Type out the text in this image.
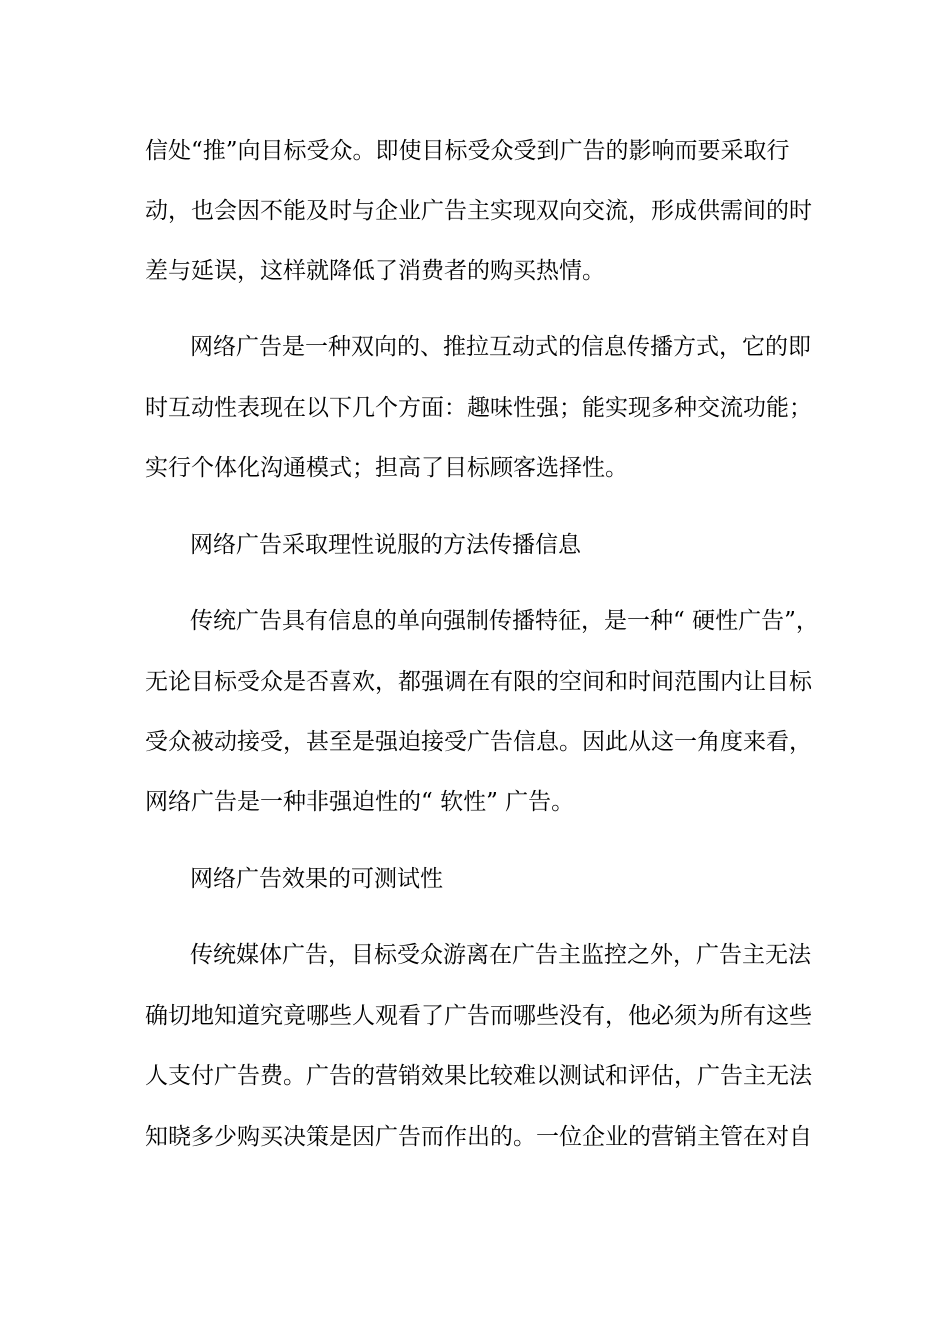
信处“推”向目标受众。即使目标受众受到广告的影响而要采取行
动，也会因不能及时与企业广告主实现双向交流，形成供需间的时
差与延误，这样就降低了消费者的购买热情。
网络广告是一种双向的、推拉互动式的信息传播方式，它的即
时互动性表现在以下几个方面：趣味性强；能实现多种交流功能；
实行个体化沟通模式；担高了目标顾客选择性。
网络广告采取理性说服的方法传播信息
传统广告具有信息的单向强制传播特征，是一种“ 硬性广告”，
无论目标受众是否喜欢，都强调在有限的空间和时间范围内让目标
受众被动接受，甚至是强迫接受广告信息。因此从这一角度来看，
网络广告是一种非强迫性的“ 软性” 广告。
网络广告效果的可测试性
传统媒体广告，目标受众游离在广告主监控之外，广告主无法
确切地知道究竟哪些人观看了广告而哪些没有，他必须为所有这些
人支付广告费。广告的营销效果比较难以测试和评估，广告主无法
知晓多少购买决策是因广告而作出的。一位企业的营销主管在对自
